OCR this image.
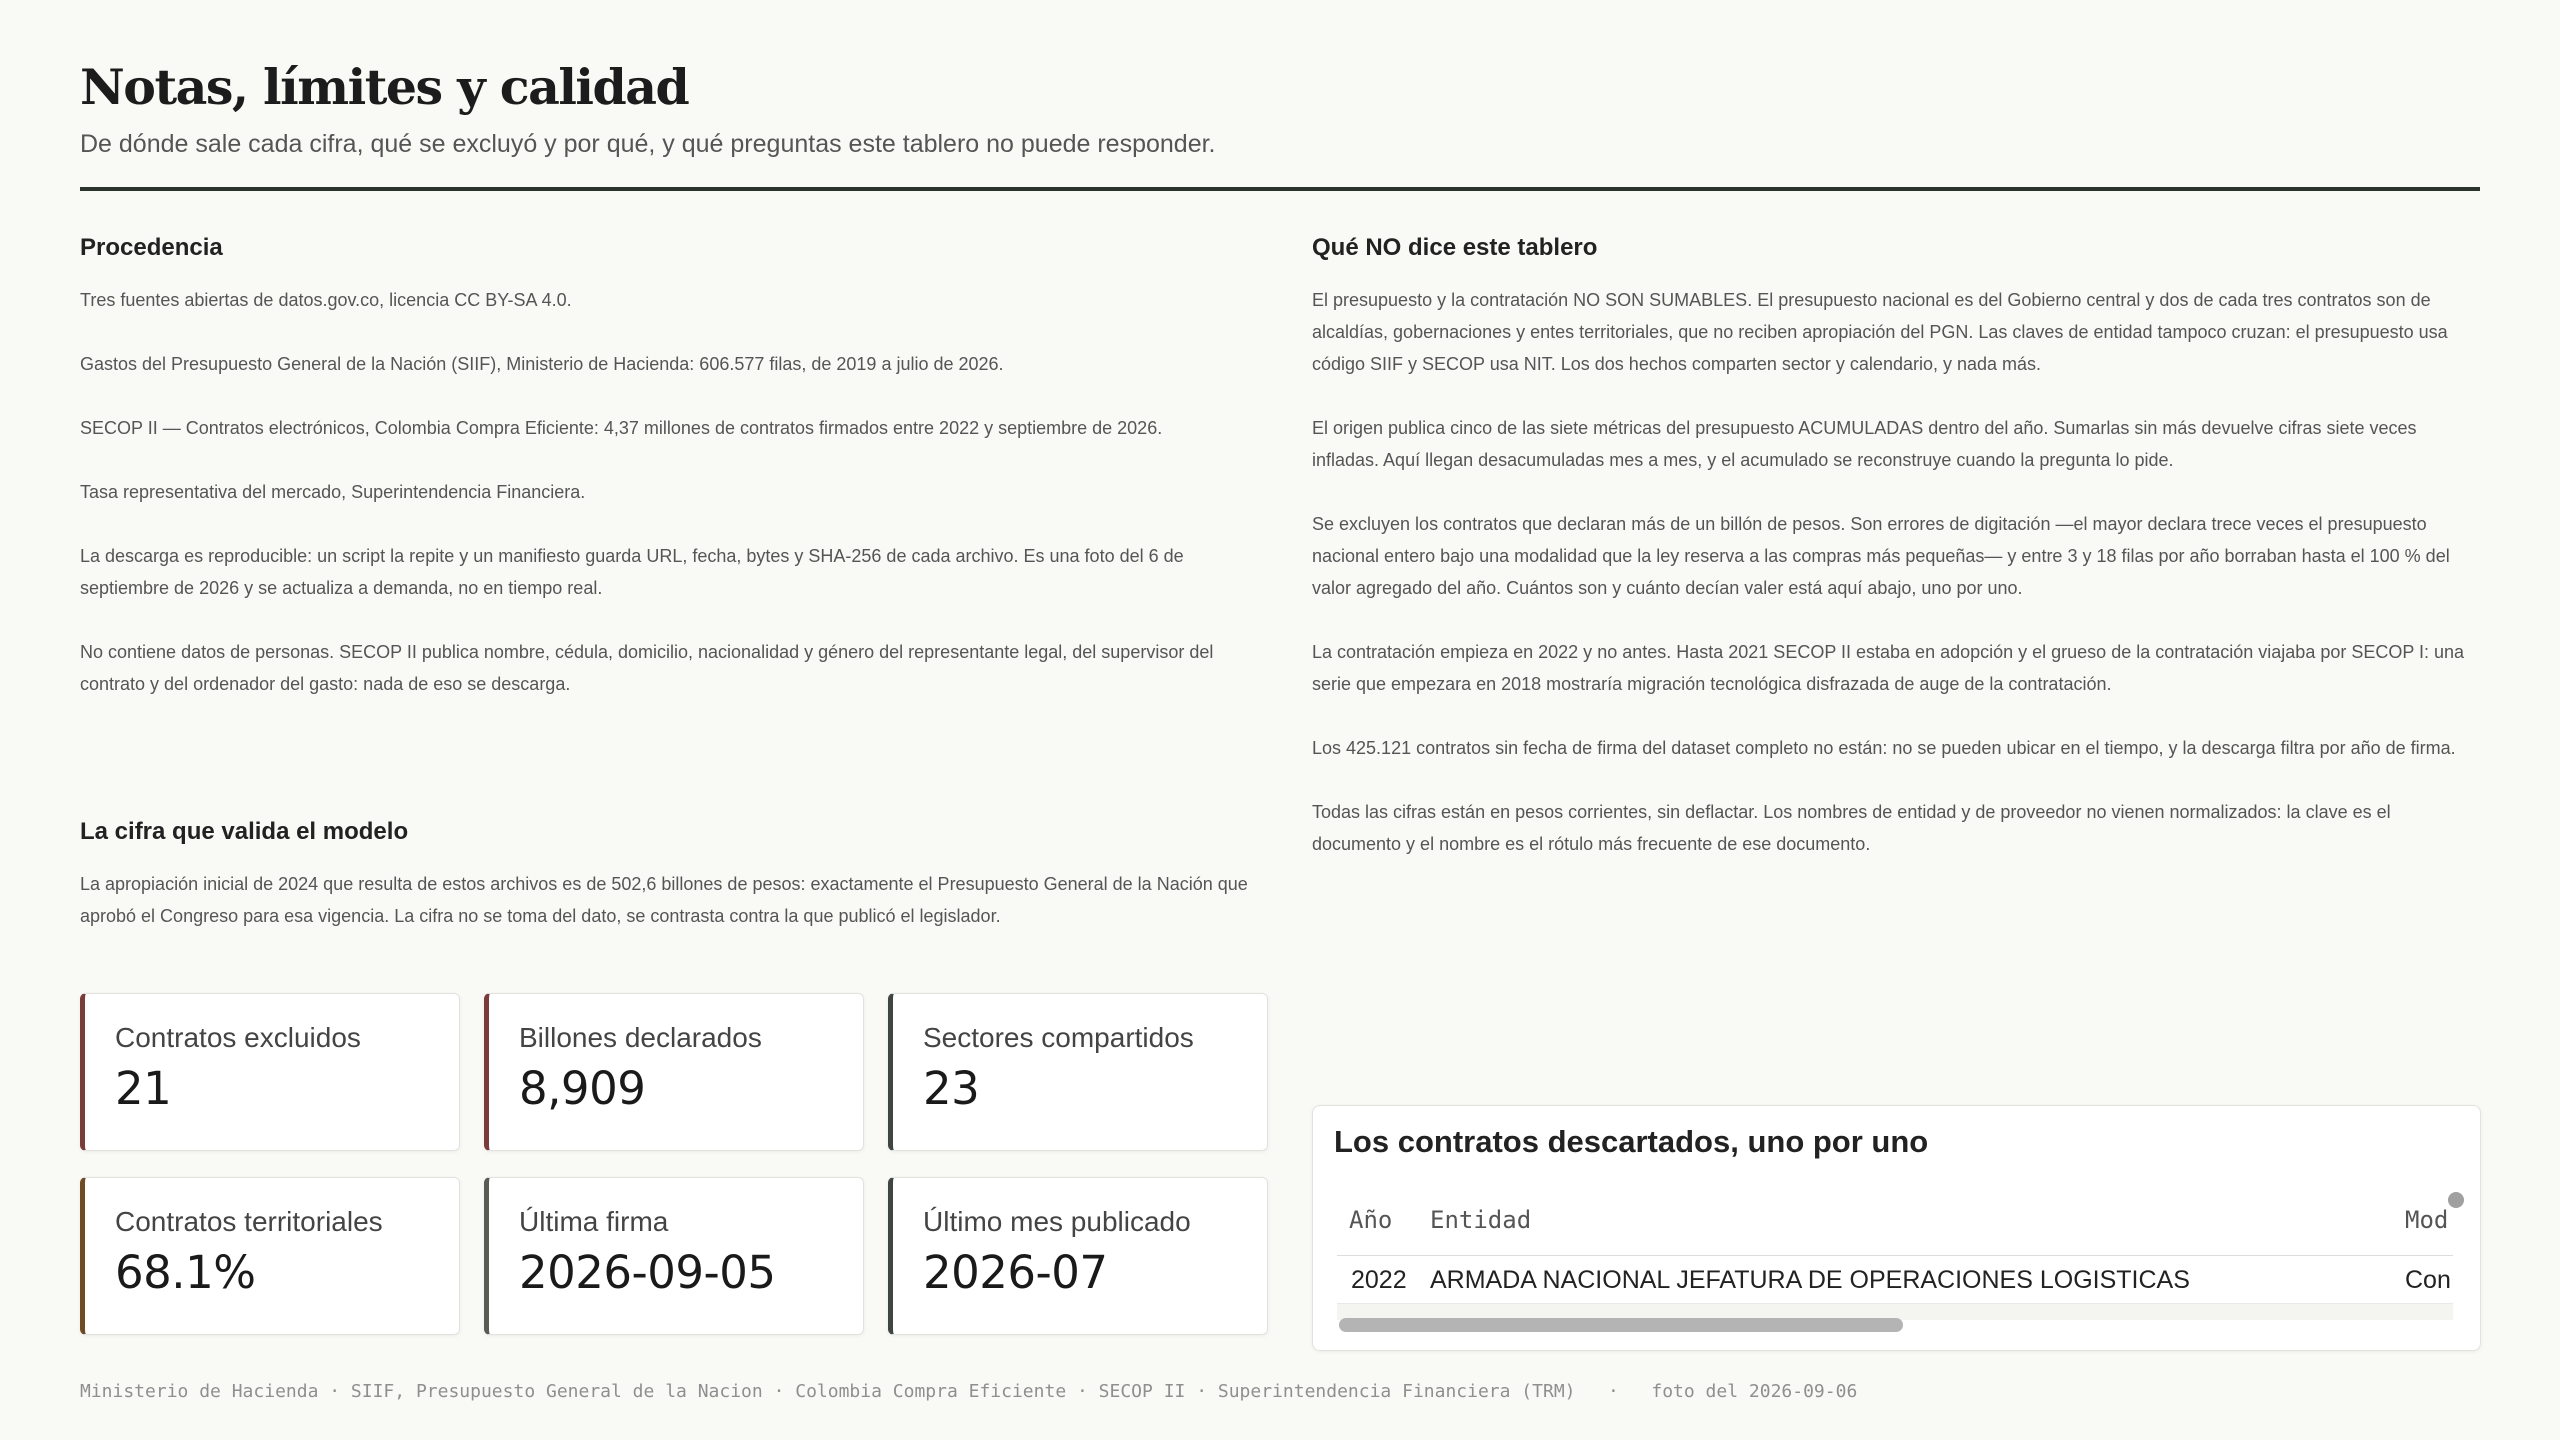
Notas, límites y calidad

De dónde sale cada cifra, qué se excluyó y por qué, y qué preguntas este tablero no puede responder.

Procedencia

Tres fuentes abiertas de datos.gov.co, licencia CC BY-SA 4.0.

Gastos del Presupuesto General de la Nación (SIIF), Ministerio de Hacienda: 606.577 filas, de 2019 a julio de 2026.

SECOP II — Contratos electrónicos, Colombia Compra Eficiente: 4,37 millones de contratos firmados entre 2022 y septiembre de 2026.

Tasa representativa del mercado, Superintendencia Financiera.

La descarga es reproducible: un script la repite y un manifiesto guarda URL, fecha, bytes y SHA-256 de cada archivo. Es una foto del 6 de septiembre de 2026 y se actualiza a demanda, no en tiempo real.

No contiene datos de personas. SECOP II publica nombre, cédula, domicilio, nacionalidad y género del representante legal, del supervisor del contrato y del ordenador del gasto: nada de eso se descarga.

Qué NO dice este tablero

El presupuesto y la contratación NO SON SUMABLES. El presupuesto nacional es del Gobierno central y dos de cada tres contratos son de alcaldías, gobernaciones y entes territoriales, que no reciben apropiación del PGN. Las claves de entidad tampoco cruzan: el presupuesto usa código SIIF y SECOP usa NIT. Los dos hechos comparten sector y calendario, y nada más.

El origen publica cinco de las siete métricas del presupuesto ACUMULADAS dentro del año. Sumarlas sin más devuelve cifras siete veces infladas. Aquí llegan desacumuladas mes a mes, y el acumulado se reconstruye cuando la pregunta lo pide.

Se excluyen los contratos que declaran más de un billón de pesos. Son errores de digitación —el mayor declara trece veces el presupuesto nacional entero bajo una modalidad que la ley reserva a las compras más pequeñas— y entre 3 y 18 filas por año borraban hasta el 100 % del valor agregado del año. Cuántos son y cuánto decían valer está aquí abajo, uno por uno.

La contratación empieza en 2022 y no antes. Hasta 2021 SECOP II estaba en adopción y el grueso de la contratación viajaba por SECOP I: una serie que empezara en 2018 mostraría migración tecnológica disfrazada de auge de la contratación.

Los 425.121 contratos sin fecha de firma del dataset completo no están: no se pueden ubicar en el tiempo, y la descarga filtra por año de firma.

Todas las cifras están en pesos corrientes, sin deflactar. Los nombres de entidad y de proveedor no vienen normalizados: la clave es el documento y el nombre es el rótulo más frecuente de ese documento.

La cifra que valida el modelo

La apropiación inicial de 2024 que resulta de estos archivos es de 502,6 billones de pesos: exactamente el Presupuesto General de la Nación que aprobó el Congreso para esa vigencia. La cifra no se toma del dato, se contrasta contra la que publicó el legislador.

Contratos excluidos
21
Billones declarados
8,909
Sectores compartidos
23
Contratos territoriales
68.1%
Última firma
2026-09-05
Último mes publicado
2026-07
Los contratos descartados, uno por uno
Año Entidad	Mod
2022 ARMADA NACIONAL JEFATURA DE OPERACIONES LOGISTICAS	Con
Ministerio de Hacienda · SIIF, Presupuesto General de la Nacion · Colombia Compra Eficiente · SECOP II · Superintendencia Financiera (TRM) · foto del 2026-09-06
